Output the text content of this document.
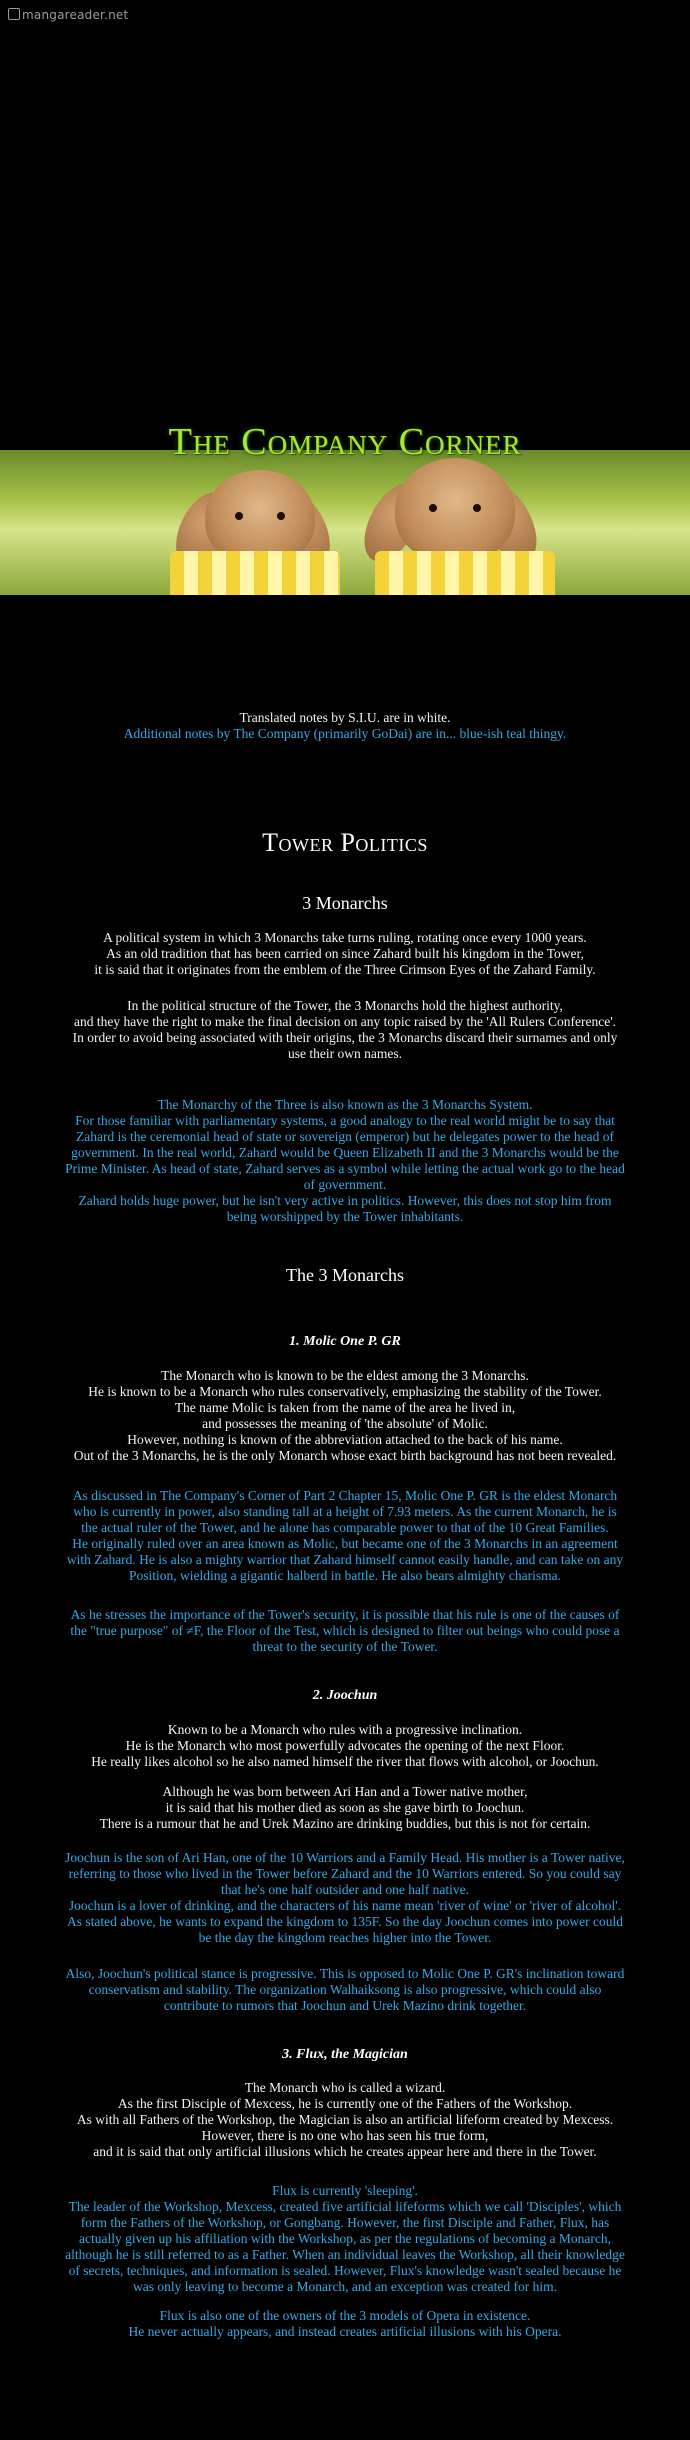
mangareader.net
The Company Corner
Translated notes by S.I.U. are in white.
Additional notes by The Company (primarily GoDai) are in... blue-ish teal thingy.
Tower Politics
3 Monarchs
A political system in which 3 Monarchs take turns ruling, rotating once every 1000 years.
As an old tradition that has been carried on since Zahard built his kingdom in the Tower,
it is said that it originates from the emblem of the Three Crimson Eyes of the Zahard Family.
In the political structure of the Tower, the 3 Monarchs hold the highest authority,
and they have the right to make the final decision on any topic raised by the 'All Rulers Conference'.
In order to avoid being associated with their origins, the 3 Monarchs discard their surnames and only
use their own names.
The Monarchy of the Three is also known as the 3 Monarchs System.
For those familiar with parliamentary systems, a good analogy to the real world might be to say that
Zahard is the ceremonial head of state or sovereign (emperor) but he delegates power to the head of
government. In the real world, Zahard would be Queen Elizabeth II and the 3 Monarchs would be the
Prime Minister. As head of state, Zahard serves as a symbol while letting the actual work go to the head
of government.
Zahard holds huge power, but he isn't very active in politics. However, this does not stop him from
being worshipped by the Tower inhabitants.
The 3 Monarchs
1. Molic One P. GR
The Monarch who is known to be the eldest among the 3 Monarchs.
He is known to be a Monarch who rules conservatively, emphasizing the stability of the Tower.
The name Molic is taken from the name of the area he lived in,
and possesses the meaning of 'the absolute' of Molic.
However, nothing is known of the abbreviation attached to the back of his name.
Out of the 3 Monarchs, he is the only Monarch whose exact birth background has not been revealed.
As discussed in The Company's Corner of Part 2 Chapter 15, Molic One P. GR is the eldest Monarch
who is currently in power, also standing tall at a height of 7.93 meters. As the current Monarch, he is
the actual ruler of the Tower, and he alone has comparable power to that of the 10 Great Families.
He originally ruled over an area known as Molic, but became one of the 3 Monarchs in an agreement
with Zahard. He is also a mighty warrior that Zahard himself cannot easily handle, and can take on any
Position, wielding a gigantic halberd in battle. He also bears almighty charisma.
As he stresses the importance of the Tower's security, it is possible that his rule is one of the causes of
the "true purpose" of ≠F, the Floor of the Test, which is designed to filter out beings who could pose a
threat to the security of the Tower.
2. Joochun
Known to be a Monarch who rules with a progressive inclination.
He is the Monarch who most powerfully advocates the opening of the next Floor.
He really likes alcohol so he also named himself the river that flows with alcohol, or Joochun.
Although he was born between Ari Han and a Tower native mother,
it is said that his mother died as soon as she gave birth to Joochun.
There is a rumour that he and Urek Mazino are drinking buddies, but this is not for certain.
Joochun is the son of Ari Han, one of the 10 Warriors and a Family Head. His mother is a Tower native,
referring to those who lived in the Tower before Zahard and the 10 Warriors entered. So you could say
that he's one half outsider and one half native.
Joochun is a lover of drinking, and the characters of his name mean 'river of wine' or 'river of alcohol'.
As stated above, he wants to expand the kingdom to 135F. So the day Joochun comes into power could
be the day the kingdom reaches higher into the Tower.
Also, Joochun's political stance is progressive. This is opposed to Molic One P. GR's inclination toward
conservatism and stability. The organization Walhaiksong is also progressive, which could also
contribute to rumors that Joochun and Urek Mazino drink together.
3. Flux, the Magician
The Monarch who is called a wizard.
As the first Disciple of Mexcess, he is currently one of the Fathers of the Workshop.
As with all Fathers of the Workshop, the Magician is also an artificial lifeform created by Mexcess.
However, there is no one who has seen his true form,
and it is said that only artificial illusions which he creates appear here and there in the Tower.
Flux is currently 'sleeping'.
The leader of the Workshop, Mexcess, created five artificial lifeforms which we call 'Disciples', which
form the Fathers of the Workshop, or Gongbang. However, the first Disciple and Father, Flux, has
actually given up his affiliation with the Workshop, as per the regulations of becoming a Monarch,
although he is still referred to as a Father. When an individual leaves the Workshop, all their knowledge
of secrets, techniques, and information is sealed. However, Flux's knowledge wasn't sealed because he
was only leaving to become a Monarch, and an exception was created for him.
Flux is also one of the owners of the 3 models of Opera in existence.
He never actually appears, and instead creates artificial illusions with his Opera.
